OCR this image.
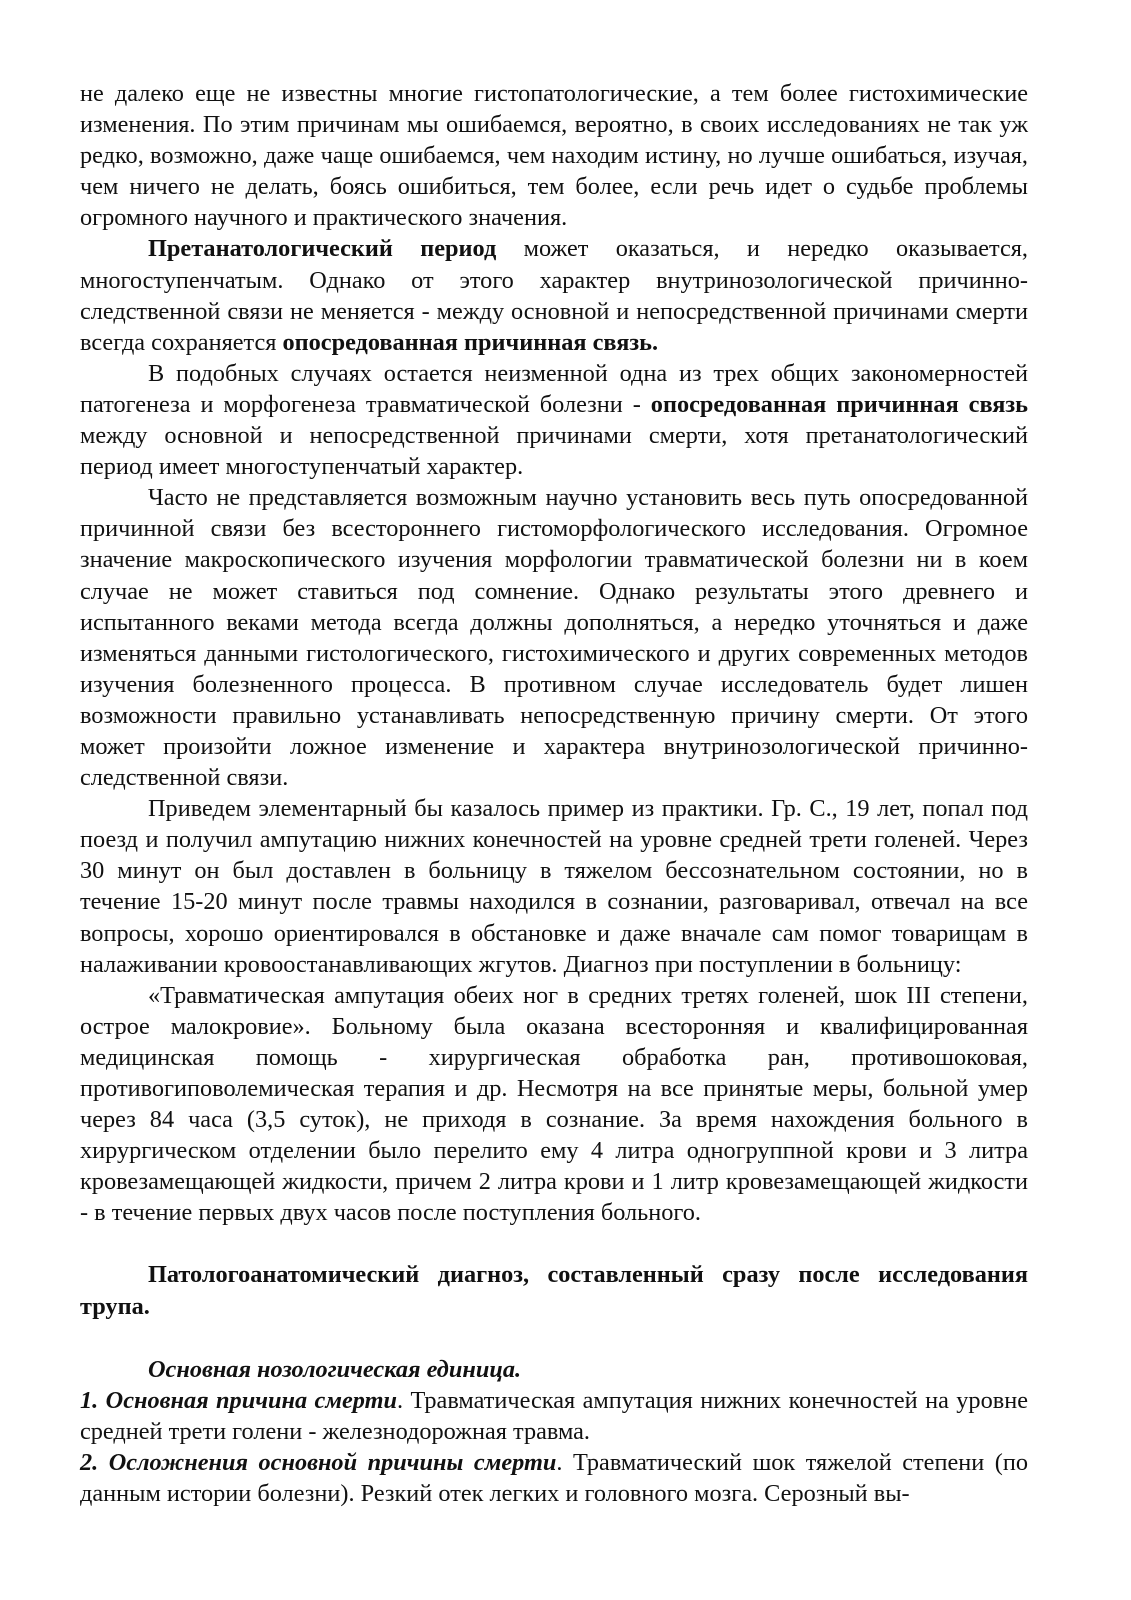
не далеко еще не известны многие гистопатологические, а тем более гистохимические изменения. По этим причинам мы ошибаемся, вероятно, в своих исследованиях не так уж редко, возможно, даже чаще ошибаемся, чем находим истину, но лучше ошибаться, изучая, чем ничего не делать, боясь ошибиться, тем более, если речь идет о судьбе проблемы огромного научного и практического значения.

Претанатологический период может оказаться, и нередко оказывается, многоступенчатым. Однако от этого характер внутринозологической причинно-следственной связи не меняется - между основной и непосредственной причинами смерти всегда сохраняется опосредованная причинная связь.

В подобных случаях остается неизменной одна из трех общих закономерностей патогенеза и морфогенеза травматической болезни - опосредованная причинная связь между основной и непосредственной причинами смерти, хотя претанатологический период имеет многоступенчатый характер.

Часто не представляется возможным научно установить весь путь опосредованной причинной связи без всестороннего гистоморфологического исследования. Огромное значение макроскопического изучения морфологии травматической болезни ни в коем случае не может ставиться под сомнение. Однако результаты этого древнего и испытанного веками метода всегда должны дополняться, а нередко уточняться и даже изменяться данными гистологического, гистохимического и других современных методов изучения болезненного процесса. В противном случае исследователь будет лишен возможности правильно устанавливать непосредственную причину смерти. От этого может произойти ложное изменение и характера внутринозологической причинно-следственной связи.

Приведем элементарный бы казалось пример из практики. Гр. С., 19 лет, попал под поезд и получил ампутацию нижних конечностей на уровне средней трети голеней. Через 30 минут он был доставлен в больницу в тяжелом бессознательном состоянии, но в течение 15-20 минут после травмы находился в сознании, разговаривал, отвечал на все вопросы, хорошо ориентировался в обстановке и даже вначале сам помог товарищам в налаживании кровоостанавливающих жгутов. Диагноз при поступлении в больницу:

«Травматическая ампутация обеих ног в средних третях голеней, шок III степени, острое малокровие». Больному была оказана всесторонняя и квалифицированная медицинская помощь - хирургическая обработка ран, противошоковая, противогиповолемическая терапия и др. Несмотря на все принятые меры, больной умер через 84 часа (3,5 суток), не приходя в сознание. За время нахождения больного в хирургическом отделении было перелито ему 4 литра одногруппной крови и 3 литра кровезамещающей жидкости, причем 2 литра крови и 1 литр кровезамещающей жидкости - в течение первых двух часов после поступления больного.

Патологоанатомический диагноз, составленный сразу после исследования трупа.

Основная нозологическая единица.

1. Основная причина смерти. Травматическая ампутация нижних конечностей на уровне средней трети голени - железнодорожная травма.

2. Осложнения основной причины смерти. Травматический шок тяжелой степени (по данным истории болезни). Резкий отек легких и головного мозга. Серозный вы-
